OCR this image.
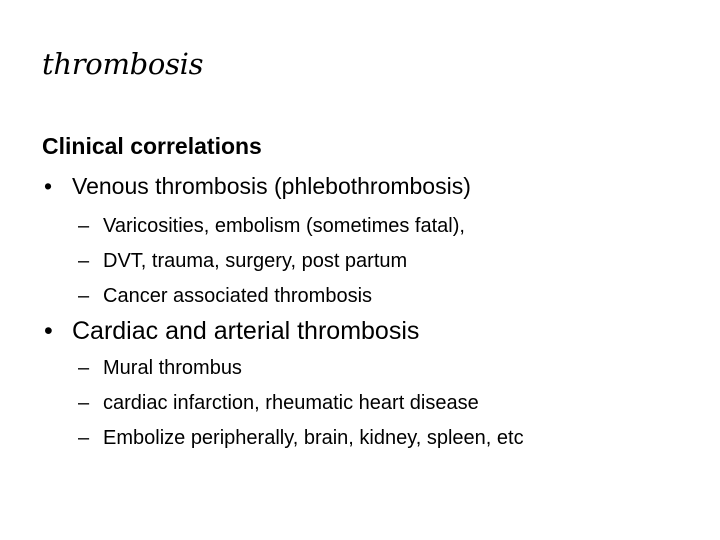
thrombosis
Clinical correlations
• Venous thrombosis (phlebothrombosis)
– Varicosities, embolism (sometimes fatal),
– DVT, trauma, surgery, post partum
– Cancer associated thrombosis
• Cardiac and arterial thrombosis
– Mural thrombus
– cardiac infarction, rheumatic heart disease
– Embolize peripherally, brain, kidney, spleen, etc
